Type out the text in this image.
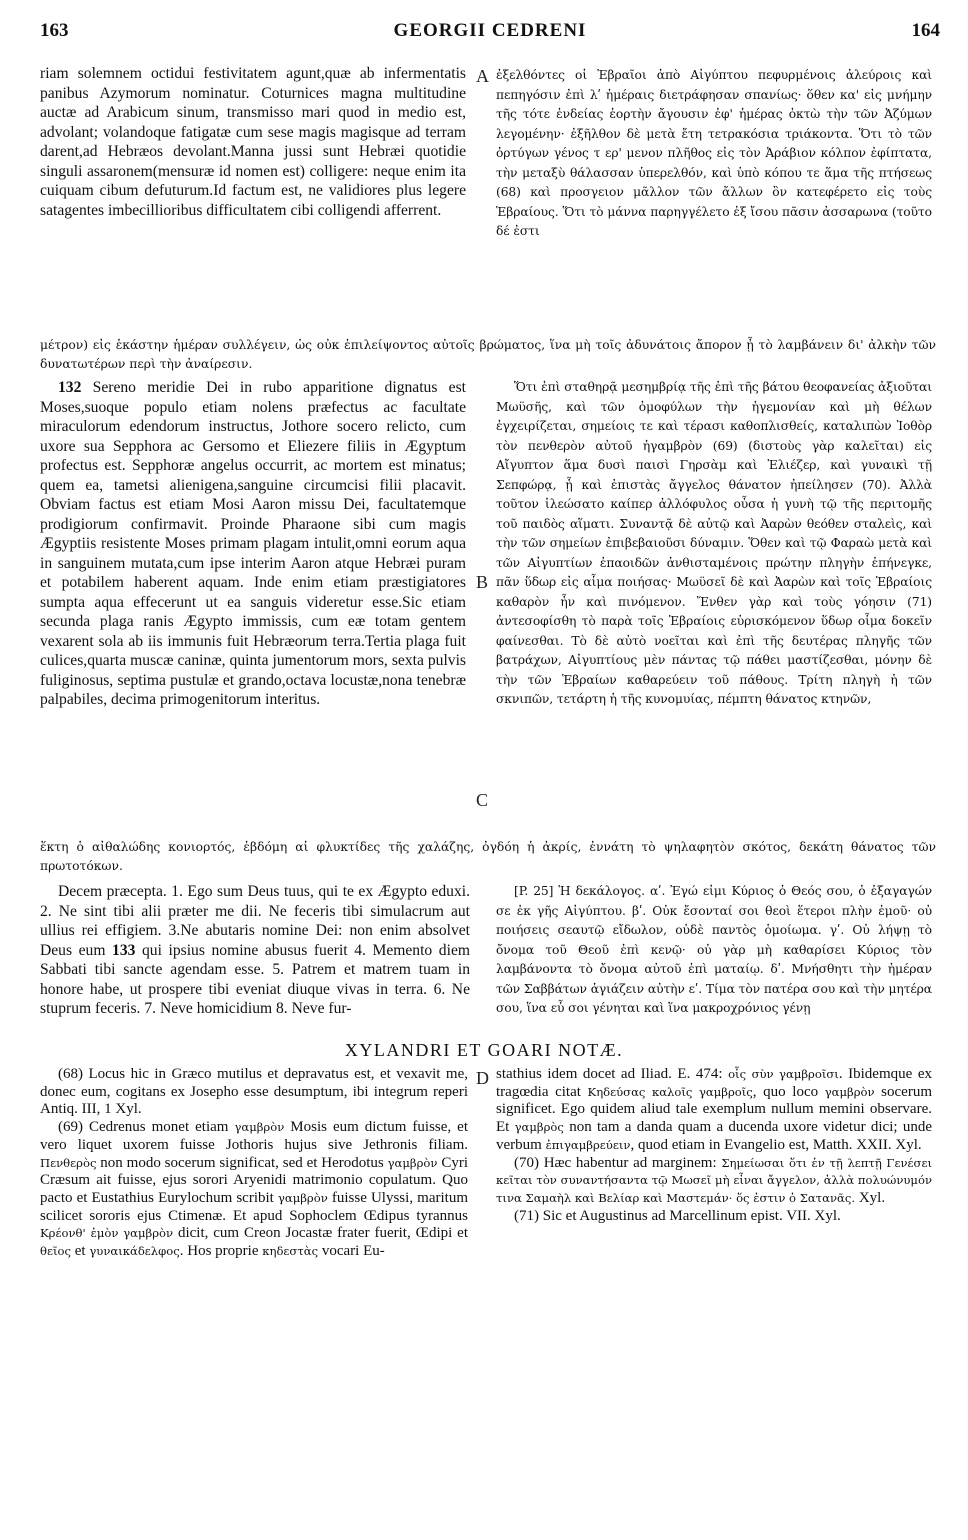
163	GEORGII CEDRENI	164

riam solemnem octidui festivitatem agunt,quæ ab infermentatis panibus Azymorum nominatur. Coturnices magna multitudine auctæ ad Arabicum sinum, transmisso mari quod in medio est, advolant; volandoque fatigatæ cum sese magis magisque ad terram darent,ad Hebræos devolant.Manna jussi sunt Hebræi quotidie singuli assaronem(mensuræ id nomen est) colligere: neque enim ita cuiquam cibum defuturum.Id factum est, ne validiores plus legere satagentes imbecillioribus difficultatem cibi colligendi afferrent.

A ἐξελθόντες οἱ Ἑβραῖοι ἀπὸ Αἰγύπτου πεφυρμένοις ἀλεύροις καὶ πεπηγόσιν ἐπὶ λʹ ἡμέραις διετράφησαν σπανίως· ὅθεν κα' εἰς μνήμην τῆς τότε ἐνδείας ἑορτὴν ἄγουσιν ἐφ' ἡμέρας ὀκτὼ τὴν τῶν Ἀζύμων λεγομένην· ἐξῆλθον δὲ μετὰ ἔτη τετρακόσια τριάκοντα. Ὅτι τὸ τῶν ὀρτύγων γένος τ ερ' μενον πλῆθος εἰς τὸν Ἀράβιον κόλπον ἐφίπτατα, τὴν μεταξὺ θάλασσαν ὑπερελθόν, καὶ ὑπὸ κόπου τε ἅμα τῆς πτήσεως (68) καὶ προσγειον μᾶλλον τῶν ἄλλων ὂν κατεφέρετο εἰς τοὺς Ἑβραίους. Ὅτι τὸ μάννα παρηγγέλετο ἐξ ἴσου πᾶσιν ἀσσαρωνα (τοῦτο δέ ἐστι

μέτρον) εἰς ἑκάστην ἡμέραν συλλέγειν, ὡς οὐκ ἐπιλείψοντος αὐτοῖς βρώματος, ἵνα μὴ τοῖς ἀδυνάτοις ἄπορον ᾖ τὸ λαμβάνειν δι' ἀλκὴν τῶν δυνατωτέρων περὶ τὴν ἀναίρεσιν.

132 Sereno meridie Dei in rubo apparitione dignatus est Moses,suoque populo etiam nolens præfectus ac facultate miraculorum edendorum instructus, Jothore socero relicto, cum uxore sua Sepphora ac Gersomo et Eliezere filiis in Ægyptum profectus est. Sepphoræ angelus occurrit, ac mortem est minatus; quem ea, tametsi alienigena,sanguine circumcisi filii placavit. Obviam factus est etiam Mosi Aaron missu Dei, facultatemque prodigiorum confirmavit. Proinde Pharaone sibi cum magis Ægyptiis resistente Moses primam plagam intulit,omni eorum aqua in sanguinem mutata,cum ipse interim Aaron atque Hebræi puram et potabilem haberent aquam. Inde enim etiam præstigiatores sumpta aqua effecerunt ut ea sanguis videretur esse.Sic etiam secunda plaga ranis Ægypto immissis, cum eæ totam gentem vexarent sola ab iis immunis fuit Hebræorum terra.Tertia plaga fuit culices,quarta muscæ caninæ, quinta jumentorum mors, sexta pulvis fuliginosus, septima pustulæ et grando,octava locustæ,nona tenebræ palpabiles, decima primogenitorum interitus.

B
C

Ὅτι ἐπὶ σταθηρᾷ μεσημβρίᾳ τῆς ἐπὶ τῆς βάτου θεοφανείας ἀξιοῦται Μωϋσῆς, καὶ τῶν ὁμοφύλων τὴν ἡγεμονίαν καὶ μὴ θέλων ἐγχειρίζεται, σημείοις τε καὶ τέρασι καθοπλισθείς, καταλιπὼν Ἰοθὸρ τὸν πενθερὸν αὐτοῦ ἠγαμβρὸν (69) (διστοὺς γὰρ καλεῖται) εἰς Αἴγυπτον ἅμα δυσὶ παισὶ Γηρσὰμ καὶ Ἐλιέζερ, καὶ γυναικὶ τῇ Σεπφώρᾳ, ᾗ καὶ ἐπιστὰς ἄγγελος θάνατον ἠπείλησεν (70). Ἀλλὰ τοῦτον ἱλεώσατο καίπερ ἀλλόφυλος οὖσα ἡ γυνὴ τῷ τῆς περιτομῆς τοῦ παιδὸς αἵματι. Συναντᾷ δὲ αὐτῷ καὶ Ἀαρὼν θεόθεν σταλεὶς, καὶ τὴν τῶν σημείων ἐπιβεβαιοῦσι δύναμιν. Ὅθεν καὶ τῷ Φαραὼ μετὰ καὶ τῶν Αἰγυπτίων ἐπαοιδῶν ἀνθισταμένοις πρώτην πληγὴν ἐπήνεγκε, πᾶν ὕδωρ εἰς αἷμα ποιήσας· Μωϋσεῖ δὲ καὶ Ἀαρὼν καὶ τοῖς Ἑβραίοις καθαρὸν ἦν καὶ πινόμενον. Ἔνθεν γὰρ καὶ τοὺς γόησιν (71) ἀντεσοφίσθη τὸ παρὰ τοῖς Ἑβραίοις εὑρισκόμενον ὕδωρ οἷμα δοκεῖν φαίνεσθαι. Τὸ δὲ αὐτὸ νοεῖται καὶ ἐπὶ τῆς δευτέρας πληγῆς τῶν βατράχων, Αἰγυπτίους μὲν πάντας τῷ πάθει μαστίζεσθαι, μόνην δὲ τὴν τῶν Ἑβραίων καθαρεύειν τοῦ πάθους. Τρίτη πληγὴ ἡ τῶν σκνιπῶν, τετάρτη ἡ τῆς κυνομυίας, πέμπτη θάνατος κτηνῶν,

ἕκτη ὁ αἰθαλώδης κονιορτός, ἑβδόμη αἱ φλυκτίδες τῆς χαλάζης, ὀγδόη ἡ ἀκρίς, ἐννάτη τὸ ψηλαφητὸν σκότος, δεκάτη θάνατος τῶν πρωτοτόκων.

Decem præcepta. 1. Ego sum Deus tuus, qui te ex Ægypto eduxi. 2. Ne sint tibi alii præter me dii. Ne feceris tibi simulacrum aut ullius rei effigiem. 3.Ne abutaris nomine Dei: non enim absolvet Deus eum 133 qui ipsius nomine abusus fuerit 4. Memento diem Sabbati tibi sancte agendam esse. 5. Patrem et matrem tuam in honore habe, ut prospere tibi eveniat diuque vivas in terra. 6. Ne stuprum feceris. 7. Neve homicidium 8. Neve fur-

[P. 25] Ἡ δεκάλογος. αʹ. Ἐγώ εἰμι Κύριος ὁ Θεός σου, ὁ ἐξαγαγών σε ἐκ γῆς Αἰγύπτου. βʹ. Οὐκ ἔσονταί σοι θεοὶ ἕτεροι πλὴν ἐμοῦ· οὐ ποιήσεις σεαυτῷ εἴδωλον, οὐδὲ παντὸς ὁμοίωμα. γʹ. Οὐ λήψῃ τὸ ὄνομα τοῦ Θεοῦ ἐπὶ κενῷ· οὐ γὰρ μὴ καθαρίσει Κύριος τὸν λαμβάνοντα τὸ ὄνομα αὐτοῦ ἐπὶ ματαίῳ. δʹ. Μνήσθητι τὴν ἡμέραν τῶν Σαββάτων ἁγιάζειν αὐτὴν εʹ. Τίμα τὸν πατέρα σου καὶ τὴν μητέρα σου, ἵνα εὖ σοι γένηται καὶ ἵνα μακροχρόνιος γένῃ

XYLANDRI ET GOARI NOTÆ.

(68) Locus hic in Græco mutilus et depravatus est, et vexavit me, donec eum, cogitans ex Josepho esse desumptum, ibi integrum reperi Antiq. III, 1 Xyl.

(69) Cedrenus monet etiam γαμβρὸν Mosis eum dictum fuisse, et vero liquet uxorem fuisse Jothoris hujus sive Jethronis filiam. Πενθερὸς non modo socerum significat, sed et Herodotus γαμβρὸν Cyri Cræsum ait fuisse, ejus sorori Aryenidi matrimonio copulatum. Quo pacto et Eustathius Eurylochum scribit γαμβρὸν fuisse Ulyssi, maritum scilicet sororis ejus Ctimenæ. Et apud Sophoclem Œdipus tyrannus Κρέονθ' ἐμὸν γαμβρὸν dicit, cum Creon Jocastæ frater fuerit, Œdipi et θεῖος et γυναικάδελφος. Hos proprie κηδεστὰς vocari Eu-

D stathius idem docet ad Iliad. E. 474: οἷς σὺν γαμβροῖσι. Ibidemque ex tragœdia citat Κηδεύσας καλοῖς γαμβροῖς, quo loco γαμβρὸν socerum significet. Ego quidem aliud tale exemplum nullum memini observare. Et γαμβρὸς non tam a danda quam a ducenda uxore videtur dici; unde verbum ἐπιγαμβρεύειν, quod etiam in Evangelio est, Matth. XXII. Xyl.

(70) Hæc habentur ad marginem: Σημείωσαι ὅτι ἐν τῇ λεπτῇ Γενέσει κεῖται τὸν συναντήσαντα τῷ Μωσεῖ μὴ εἶναι ἄγγελον, ἀλλὰ πολυώνυμόν τινα Σαμαὴλ καὶ Βελίαρ καὶ Μαστεμάν· ὅς ἐστιν ὁ Σατανᾶς. Xyl.

(71) Sic et Augustinus ad Marcellinum epist. VII. Xyl.
